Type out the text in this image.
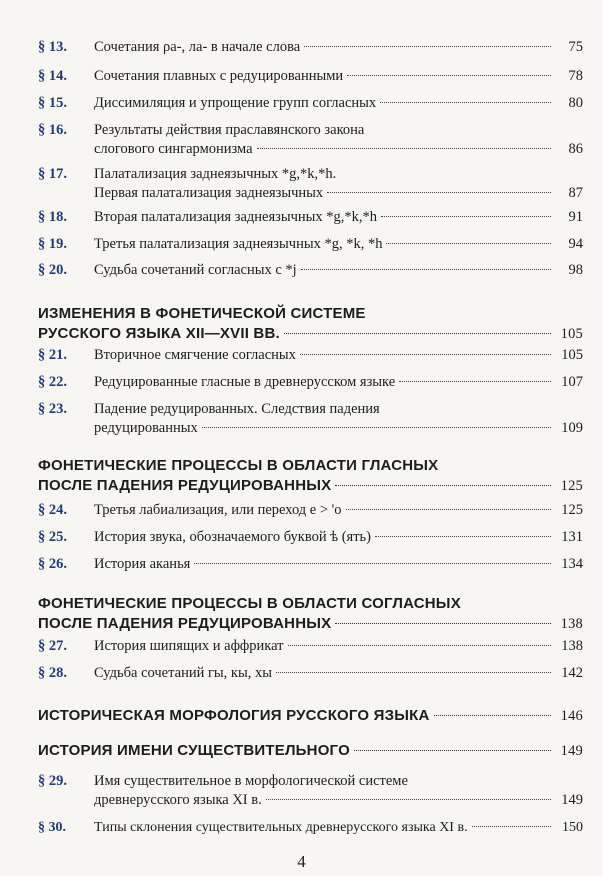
§ 13.	Сочетания ρа-, ла- в начале слова	75
§ 14.	Сочетания плавных с редуцированными	78
§ 15.	Диссимиляция и упрощение групп согласных	80
§ 16.	Результаты действия праславянского закона
слогового сингармонизма	86
§ 17.	Палатализация заднеязычных *g,*k,*h.
Первая палатализация заднеязычных	87
§ 18.	Вторая палатализация заднеязычных *g,*k,*h	91
§ 19.	Третья палатализация заднеязычных *g, *k, *h	94
§ 20.	Судьба сочетаний согласных с *j	98
ИЗМЕНЕНИЯ В ФОНЕТИЧЕСКОЙ СИСТЕМЕ
РУССКОГО ЯЗЫКА XII—XVII ВВ.	105
§ 21.	Вторичное смягчение согласных	105
§ 22.	Редуцированные гласные в древнерусском языке	107
§ 23.	Падение редуцированных. Следствия падения
редуцированных	109
ФОНЕТИЧЕСКИЕ ПРОЦЕССЫ В ОБЛАСТИ ГЛАСНЫХ
ПОСЛЕ ПАДЕНИЯ РЕДУЦИРОВАННЫХ	125
§ 24.	Третья лабиализация, или переход е > 'о	125
§ 25.	История звука, обозначаемого буквой ѣ (ять)	131
§ 26.	История аканья	134
ФОНЕТИЧЕСКИЕ ПРОЦЕССЫ В ОБЛАСТИ СОГЛАСНЫХ
ПОСЛЕ ПАДЕНИЯ РЕДУЦИРОВАННЫХ	138
§ 27.	История шипящих и аффрикат	138
§ 28.	Судьба сочетаний гы, кы, хы	142
ИСТОРИЧЕСКАЯ МОРФОЛОГИЯ РУССКОГО ЯЗЫКА	146
ИСТОРИЯ ИМЕНИ СУЩЕСТВИТЕЛЬНОГО	149
§ 29.	Имя существительное в морфологической системе
древнерусского языка XI в.	149
§ 30.	Типы склонения существительных древнерусского языка XI в.	150
4
